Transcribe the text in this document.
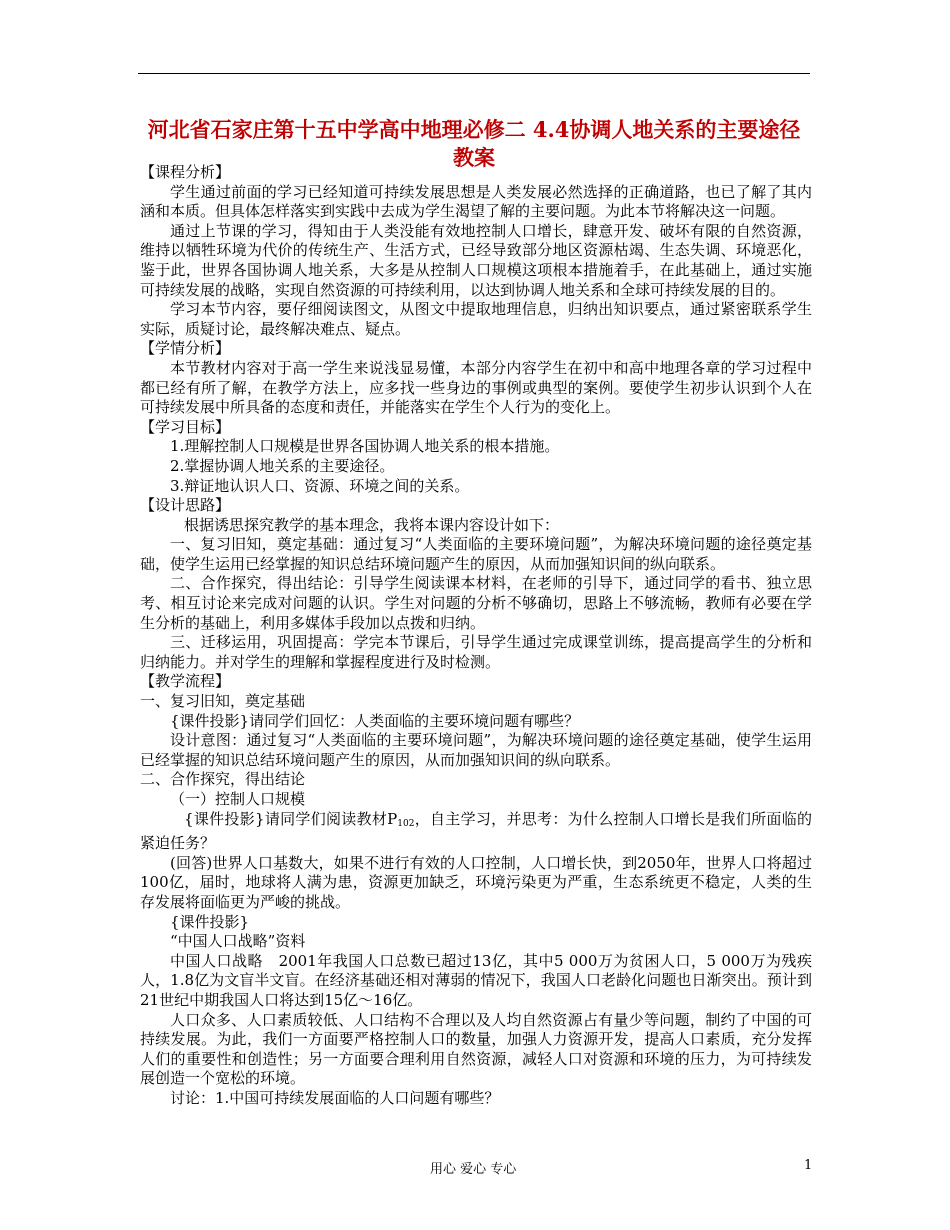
河北省石家庄第十五中学高中地理必修二 4.4协调人地关系的主要途径 教案

【课程分析】

学生通过前面的学习已经知道可持续发展思想是人类发展必然选择的正确道路，也已了解了其内涵和本质。但具体怎样落实到实践中去成为学生渴望了解的主要问题。为此本节将解决这一问题。

通过上节课的学习，得知由于人类没能有效地控制人口增长，肆意开发、破坏有限的自然资源，维持以牺牲环境为代价的传统生产、生活方式，已经导致部分地区资源枯竭、生态失调、环境恶化，鉴于此，世界各国协调人地关系，大多是从控制人口规模这项根本措施着手，在此基础上，通过实施可持续发展的战略，实现自然资源的可持续利用，以达到协调人地关系和全球可持续发展的目的。

学习本节内容，要仔细阅读图文，从图文中提取地理信息，归纳出知识要点，通过紧密联系学生实际，质疑讨论，最终解决难点、疑点。

【学情分析】

本节教材内容对于高一学生来说浅显易懂，本部分内容学生在初中和高中地理各章的学习过程中都已经有所了解，在教学方法上，应多找一些身边的事例或典型的案例。要使学生初步认识到个人在可持续发展中所具备的态度和责任，并能落实在学生个人行为的变化上。

【学习目标】

1.理解控制人口规模是世界各国协调人地关系的根本措施。

2.掌握协调人地关系的主要途径。

3.辩证地认识人口、资源、环境之间的关系。

【设计思路】

根据诱思探究教学的基本理念，我将本课内容设计如下：

一、复习旧知，奠定基础：通过复习“人类面临的主要环境问题”，为解决环境问题的途径奠定基础，使学生运用已经掌握的知识总结环境问题产生的原因，从而加强知识间的纵向联系。

二、合作探究，得出结论：引导学生阅读课本材料，在老师的引导下，通过同学的看书、独立思考、相互讨论来完成对问题的认识。学生对问题的分析不够确切，思路上不够流畅，教师有必要在学生分析的基础上，利用多媒体手段加以点拨和归纳。

三、迁移运用，巩固提高：学完本节课后，引导学生通过完成课堂训练，提高提高学生的分析和归纳能力。并对学生的理解和掌握程度进行及时检测。

【教学流程】

一、复习旧知，奠定基础

{课件投影}请同学们回忆：人类面临的主要环境问题有哪些？

设计意图：通过复习“人类面临的主要环境问题”，为解决环境问题的途径奠定基础，使学生运用已经掌握的知识总结环境问题产生的原因，从而加强知识间的纵向联系。

二、合作探究，得出结论

（一）控制人口规模

{课件投影}请同学们阅读教材$P_{102}$，自主学习，并思考：为什么控制人口增长是我们所面临的紧迫任务？

(回答)世界人口基数大，如果不进行有效的人口控制，人口增长快，到2050年，世界人口将超过100亿，届时，地球将人满为患，资源更加缺乏，环境污染更为严重，生态系统更不稳定，人类的生存发展将面临更为严峻的挑战。

{课件投影}

“中国人口战略”资料

中国人口战略　2001年我国人口总数已超过13亿，其中5 000万为贫困人口，5 000万为残疾人，1.8亿为文盲半文盲。在经济基础还相对薄弱的情况下，我国人口老龄化问题也日渐突出。预计到21世纪中期我国人口将达到15亿～16亿。

人口众多、人口素质较低、人口结构不合理以及人均自然资源占有量少等问题，制约了中国的可持续发展。为此，我们一方面要严格控制人口的数量，加强人力资源开发，提高人口素质，充分发挥人们的重要性和创造性；另一方面要合理利用自然资源，减轻人口对资源和环境的压力，为可持续发展创造一个宽松的环境。

讨论：1.中国可持续发展面临的人口问题有哪些？

用心 爱心 专心	1
